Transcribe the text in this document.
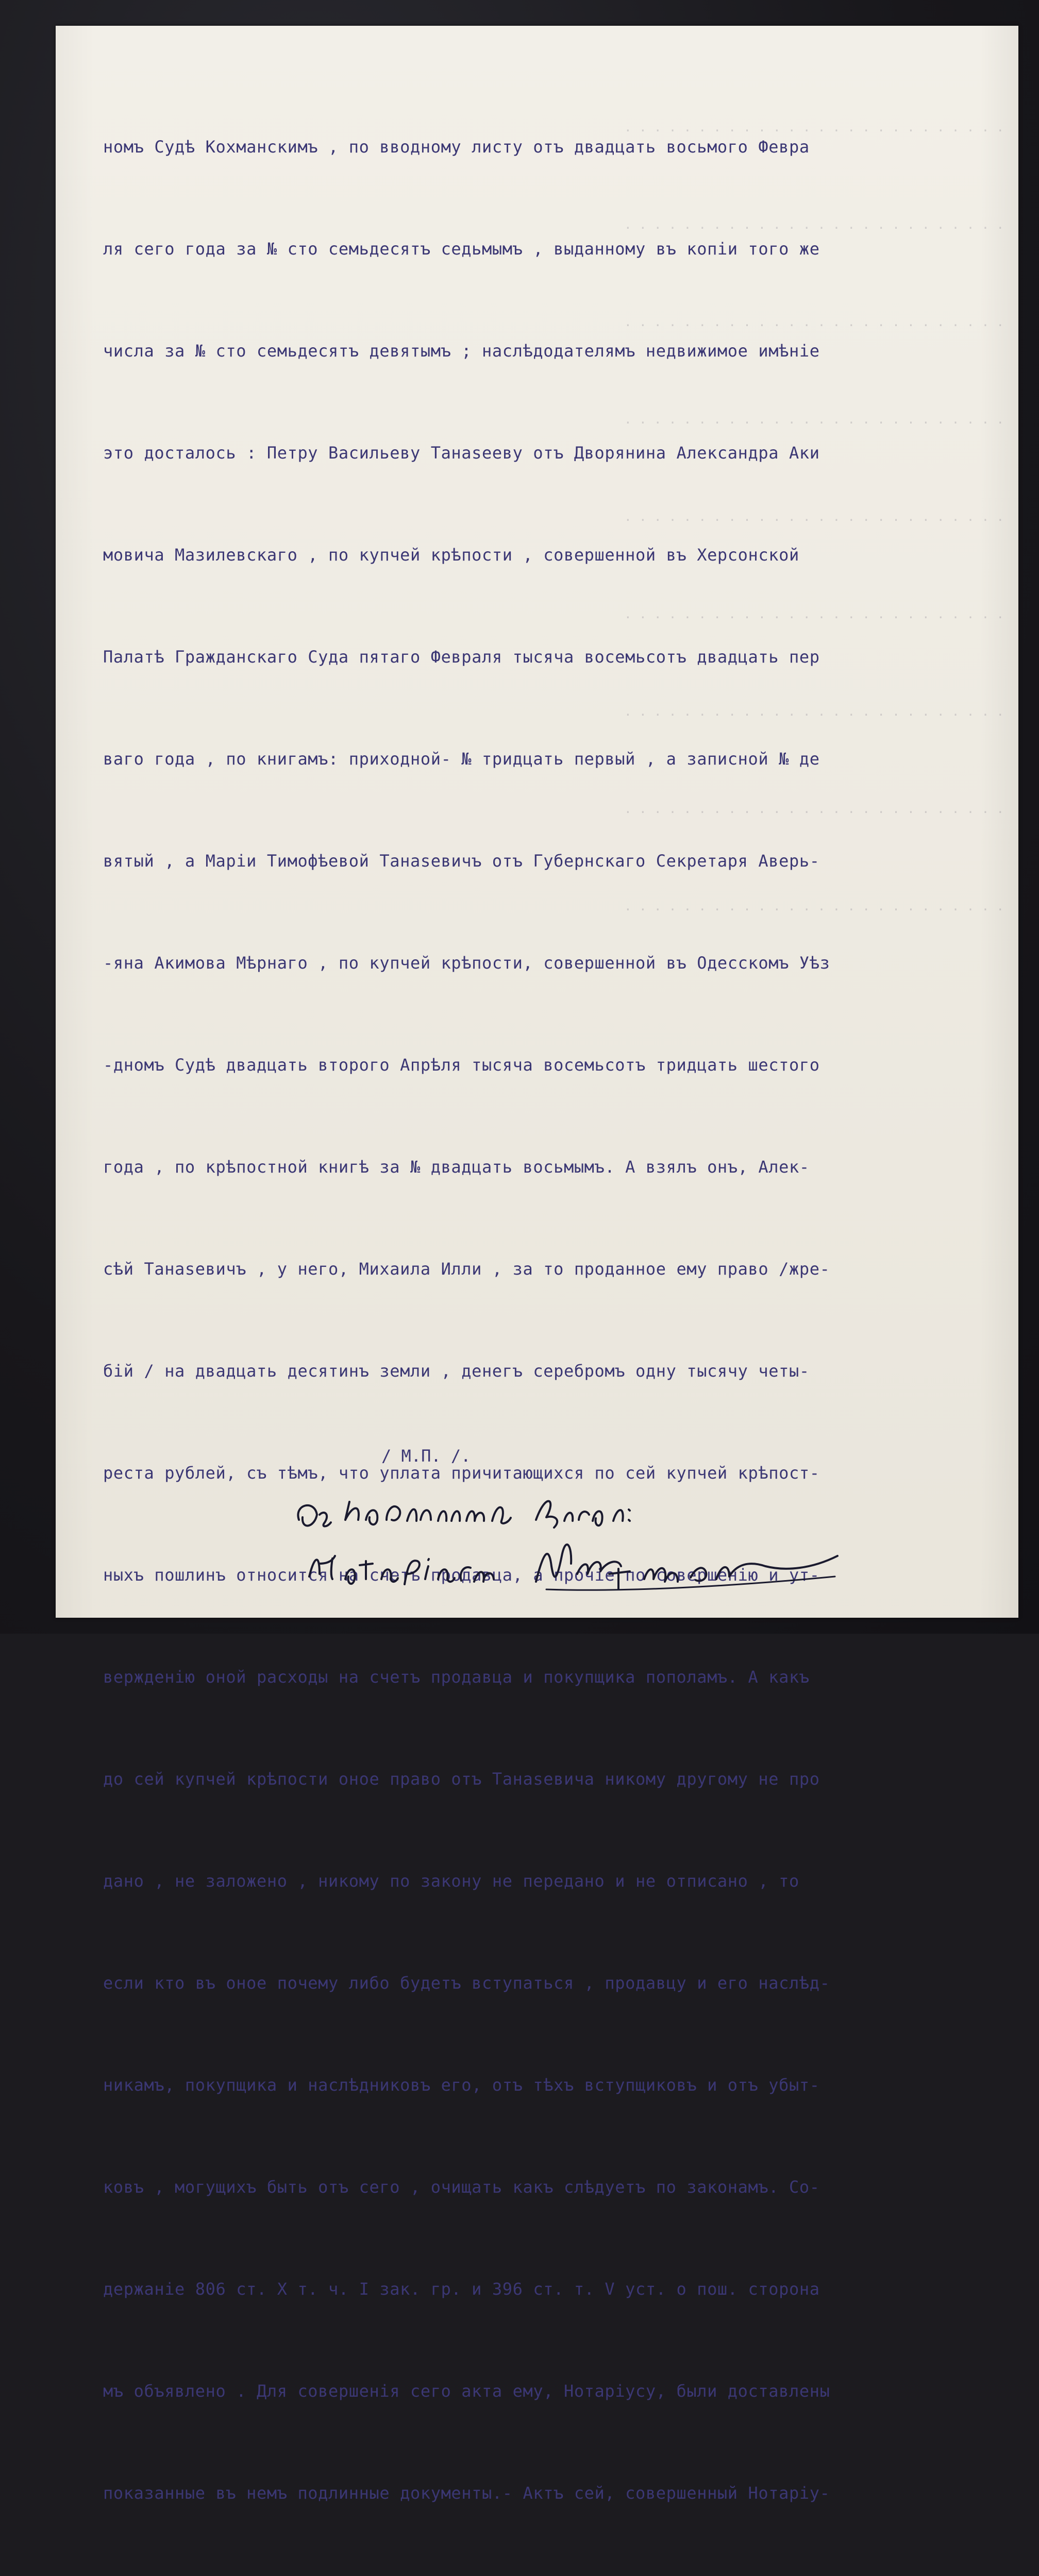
. . . . . . . . . . . . . . . . . . . . . . . . . .

. . . . . . . . . . . . . . . . . . . . . . . . . .

. . . . . . . . . . . . . . . . . . . . . . . . . .

. . . . . . . . . . . . . . . . . . . . . . . . . .

. . . . . . . . . . . . . . . . . . . . . . . . . .

. . . . . . . . . . . . . . . . . . . . . . . . . .

. . . . . . . . . . . . . . . . . . . . . . . . . .

. . . . . . . . . . . . . . . . . . . . . . . . . .

. . . . . . . . . . . . . . . . . . . . . . . . . .

номъ Судѣ Кохманскимъ , по вводному листу отъ двадцать восьмого Февра

ля сего года за № сто семьдесятъ седьмымъ , выданному въ копіи того же

числа за № сто семьдесятъ девятымъ ; наслѣдодателямъ недвижимое имѣніе

это досталось : Петру Васильеву Танаѕееву отъ Дворянина Александра Аки

мовича Мазилевскаго , по купчей крѣпости , совершенной въ Херсонской

Палатѣ Гражданскаго Суда пятаго Февраля тысяча восемьсотъ двадцать пер

ваго года , по книгамъ: приходной- № тридцать первый , а записной № де

вятый , а Маріи Тимофѣевой Танаѕевичъ отъ Губернскаго Секретаря Аверь-

-яна Акимова Мѣрнаго , по купчей крѣпости, совершенной въ Одесскомъ Уѣз

-дномъ Судѣ двадцать второго Апрѣля тысяча восемьсотъ тридцать шестого

года , по крѣпостной книгѣ за № двадцать восьмымъ. А взялъ онъ, Алек-

сѣй Танаѕевичъ , у него, Михаила Илли , за то проданное ему право /жре-

бій / на двадцать десятинъ земли , денегъ серебромъ одну тысячу четы-

реста рублей, съ тѣмъ, что уплата причитающихся по сей купчей крѣпост-

ныхъ пошлинъ относится на счетъ продавца, а прочіе по совершенію и ут-

вержденію оной расходы на счетъ продавца и покупщика пополамъ. А какъ

до сей купчей крѣпости оное право отъ Танаѕевича никому другому не про

дано , не заложено , никому по закону не передано и не отписано , то

если кто въ оное почему либо будетъ вступаться , продавцу и его наслѣд-

никамъ, покупщика и наслѣдниковъ его, отъ тѣхъ вступщиковъ и отъ убыт-

ковъ , могущихъ быть отъ сего , очищать какъ слѣдуетъ по законамъ. Со-

держаніе 806 ст. Х т. ч. I зак. гр. и 396 ст. т. V уст. о пош. сторона

мъ объявлено . Для совершенія сего акта ему, Нотаріусу, были доставлены

показанные въ немъ подлинные документы.- Актъ сей, совершенный Нотаріу-

/ М.П. /.
